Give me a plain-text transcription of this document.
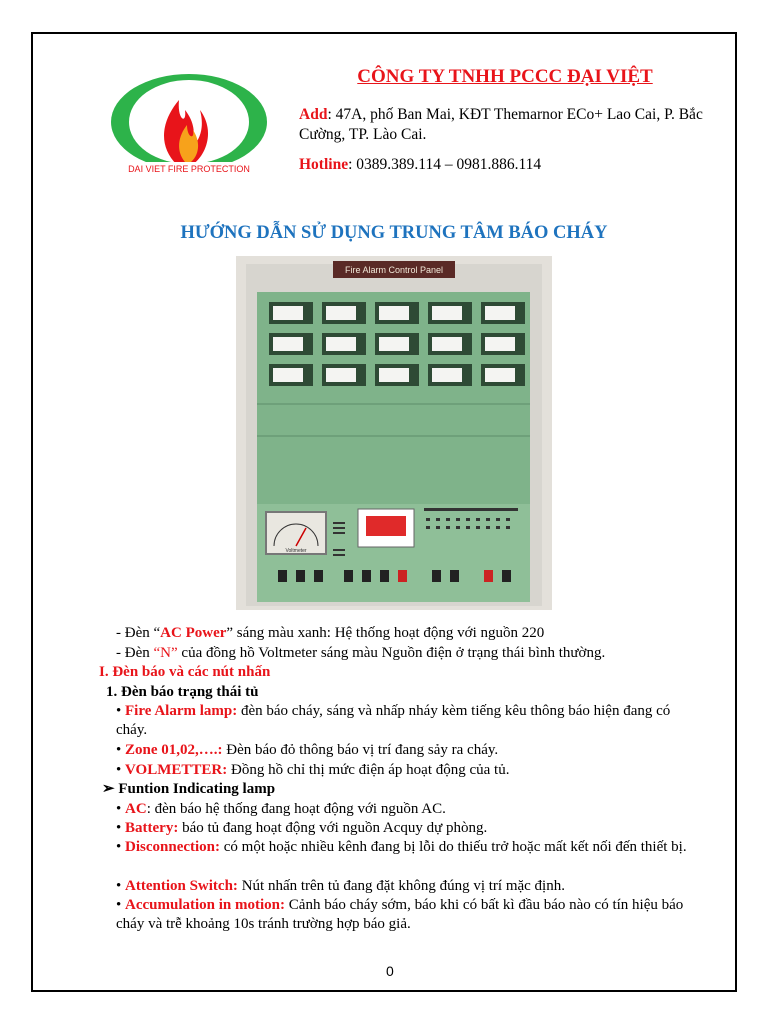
DAI VIET FIRE PROTECTION
CÔNG TY TNHH PCCC ĐẠI VIỆT
Add: 47A, phố Ban Mai, KĐT Themarnor ECo+ Lao Cai, P. Bắc Cường, TP. Lào Cai.
Hotline: 0389.389.114 – 0981.886.114
HƯỚNG DẪN SỬ DỤNG TRUNG TÂM BÁO CHÁY
Fire Alarm Control Panel
Voltmeter
- Đèn “AC Power” sáng màu xanh: Hệ thống hoạt động với nguồn 220
- Đèn “N” của đồng hồ Voltmeter sáng màu Nguồn điện ở trạng thái bình thường.
I. Đèn báo và các nút nhấn
1. Đèn báo trạng thái tủ
• Fire Alarm lamp: đèn báo cháy, sáng và nhấp nháy kèm tiếng kêu thông báo hiện đang có cháy.
• Zone 01,02,….: Đèn báo đỏ thông báo vị trí đang sảy ra cháy.
• VOLMETTER: Đồng hồ chỉ thị mức điện áp hoạt động của tủ.
➢ Funtion Indicating lamp
• AC: đèn báo hệ thống đang hoạt động với nguồn AC.
• Battery: báo tủ đang hoạt động với nguồn Acquy dự phòng.
• Disconnection: có một hoặc nhiều kênh đang bị lỗi do thiếu trở hoặc mất kết nối đến thiết bị.
• Attention Switch: Nút nhấn trên tủ đang đặt không đúng vị trí mặc định.
• Accumulation in motion: Cảnh báo cháy sớm, báo khi có bất kì đầu báo nào có tín hiệu báo cháy và trễ khoảng 10s tránh trường hợp báo giả.
0
